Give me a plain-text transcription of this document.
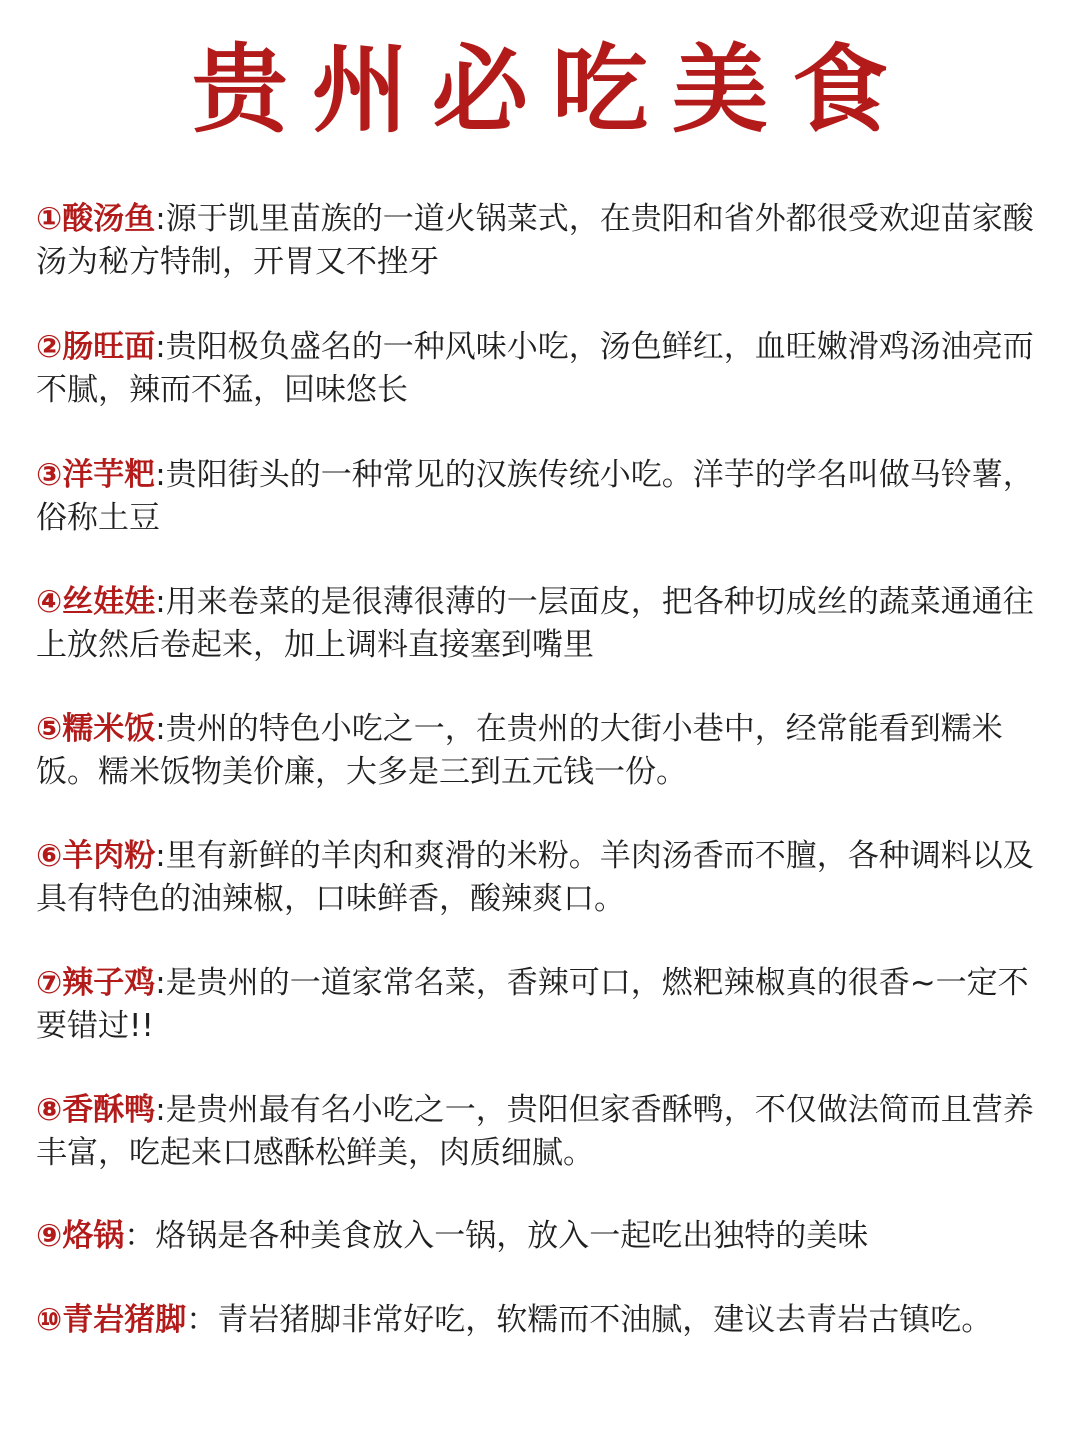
贵州必吃美食

①酸汤鱼:源于凯里苗族的一道火锅菜式，在贵阳和省外都很受欢迎苗家酸汤为秘方特制，开胃又不挫牙

②肠旺面:贵阳极负盛名的一种风味小吃，汤色鲜红，血旺嫩滑鸡汤油亮而不腻，辣而不猛，回味悠长

③洋芋粑:贵阳街头的一种常见的汉族传统小吃。洋芋的学名叫做马铃薯，俗称土豆

④丝娃娃:用来卷菜的是很薄很薄的一层面皮，把各种切成丝的蔬菜通通往上放然后卷起来，加上调料直接塞到嘴里

⑤糯米饭:贵州的特色小吃之一，在贵州的大街小巷中，经常能看到糯米饭。糯米饭物美价廉，大多是三到五元钱一份。

⑥羊肉粉:里有新鲜的羊肉和爽滑的米粉。羊肉汤香而不膻，各种调料以及具有特色的油辣椒，口味鲜香，酸辣爽口。

⑦辣子鸡:是贵州的一道家常名菜，香辣可口，燃粑辣椒真的很香~一定不要错过!!

⑧香酥鸭:是贵州最有名小吃之一，贵阳但家香酥鸭，不仅做法简而且营养丰富，吃起来口感酥松鲜美，肉质细腻。

⑨烙锅：烙锅是各种美食放入一锅，放入一起吃出独特的美味

⑩青岩猪脚：青岩猪脚非常好吃，软糯而不油腻，建议去青岩古镇吃。
